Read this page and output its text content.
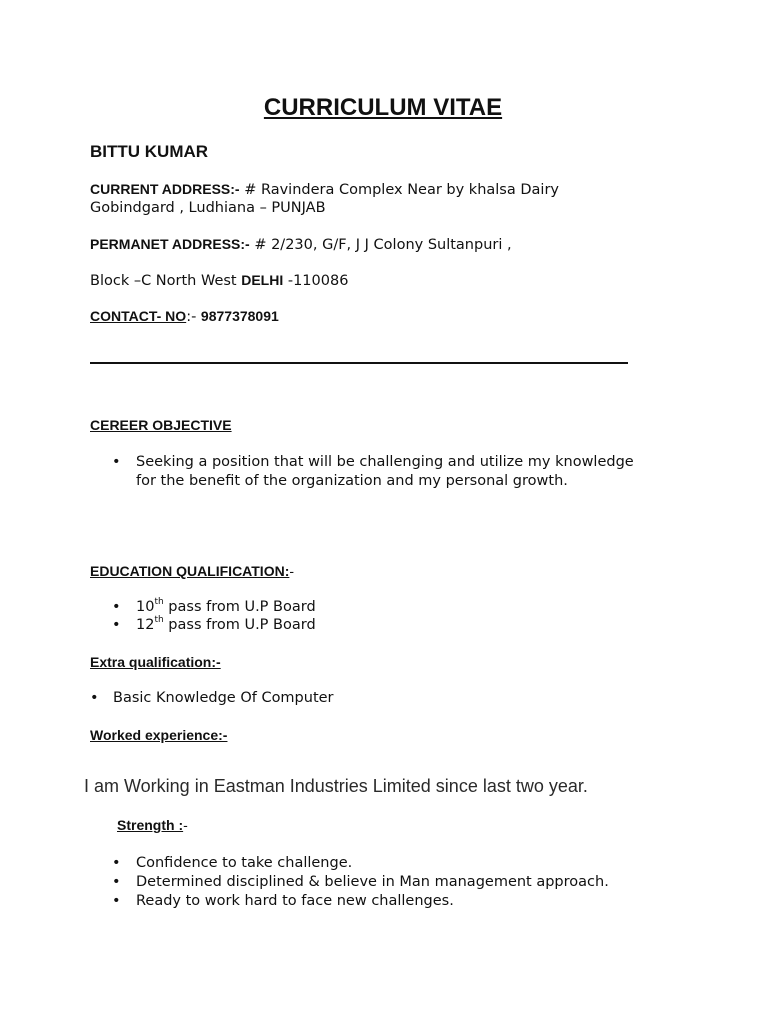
CURRICULUM VITAE
BITTU KUMAR
CURRENT ADDRESS:- # Ravindera Complex Near by khalsa Dairy Gobindgard , Ludhiana – PUNJAB
PERMANET ADDRESS:- # 2/230, G/F, J J Colony Sultanpuri ,
Block –C North West DELHI -110086
CONTACT- NO:- 9877378091
CEREER OBJECTIVE
• Seeking a position that will be challenging and utilize my knowledge for the benefit of the organization and my personal growth.
EDUCATION QUALIFICATION:-
• 10th pass from U.P Board
• 12th pass from U.P Board
Extra qualification:-
• Basic Knowledge Of Computer
Worked experience:-
I am Working in Eastman Industries Limited since last two year.
Strength :-
• Confidence to take challenge.
• Determined disciplined & believe in Man management approach.
• Ready to work hard to face new challenges.
